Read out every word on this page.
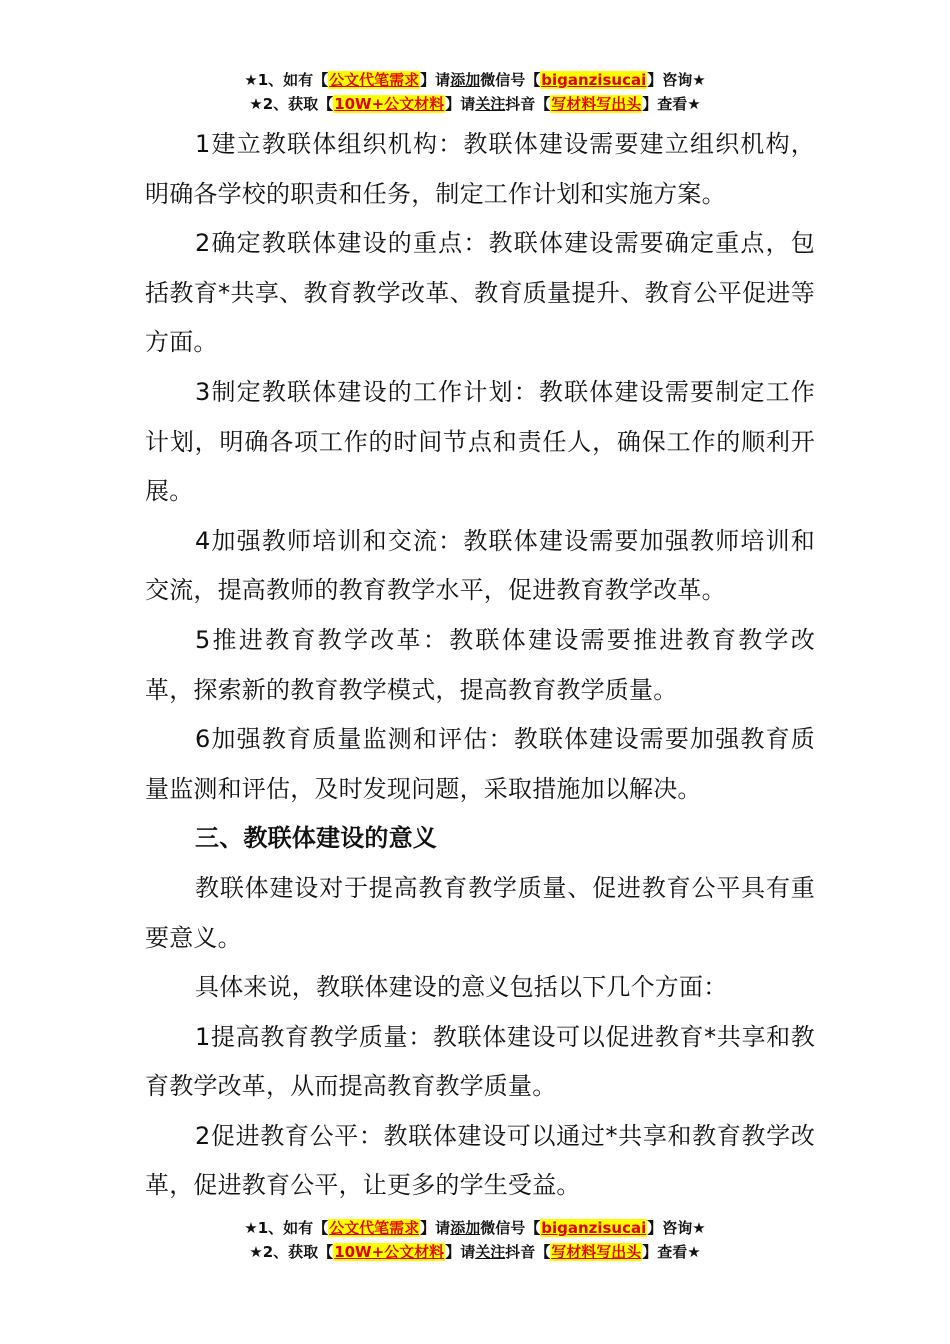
★1、如有【公文代笔需求】请添加微信号【biganzisucai】咨询★
★2、获取【10W+公文材料】请关注抖音【写材料写出头】查看★

1建立教联体组织机构：教联体建设需要建立组织机构，明确各学校的职责和任务，制定工作计划和实施方案。

2确定教联体建设的重点：教联体建设需要确定重点，包括教育*共享、教育教学改革、教育质量提升、教育公平促进等方面。

3制定教联体建设的工作计划：教联体建设需要制定工作计划，明确各项工作的时间节点和责任人，确保工作的顺利开展。

4加强教师培训和交流：教联体建设需要加强教师培训和交流，提高教师的教育教学水平，促进教育教学改革。

5推进教育教学改革：教联体建设需要推进教育教学改革，探索新的教育教学模式，提高教育教学质量。

6加强教育质量监测和评估：教联体建设需要加强教育质量监测和评估，及时发现问题，采取措施加以解决。

三、教联体建设的意义

教联体建设对于提高教育教学质量、促进教育公平具有重要意义。

具体来说，教联体建设的意义包括以下几个方面：

1提高教育教学质量：教联体建设可以促进教育*共享和教育教学改革，从而提高教育教学质量。

2促进教育公平：教联体建设可以通过*共享和教育教学改革，促进教育公平，让更多的学生受益。

★1、如有【公文代笔需求】请添加微信号【biganzisucai】咨询★
★2、获取【10W+公文材料】请关注抖音【写材料写出头】查看★
